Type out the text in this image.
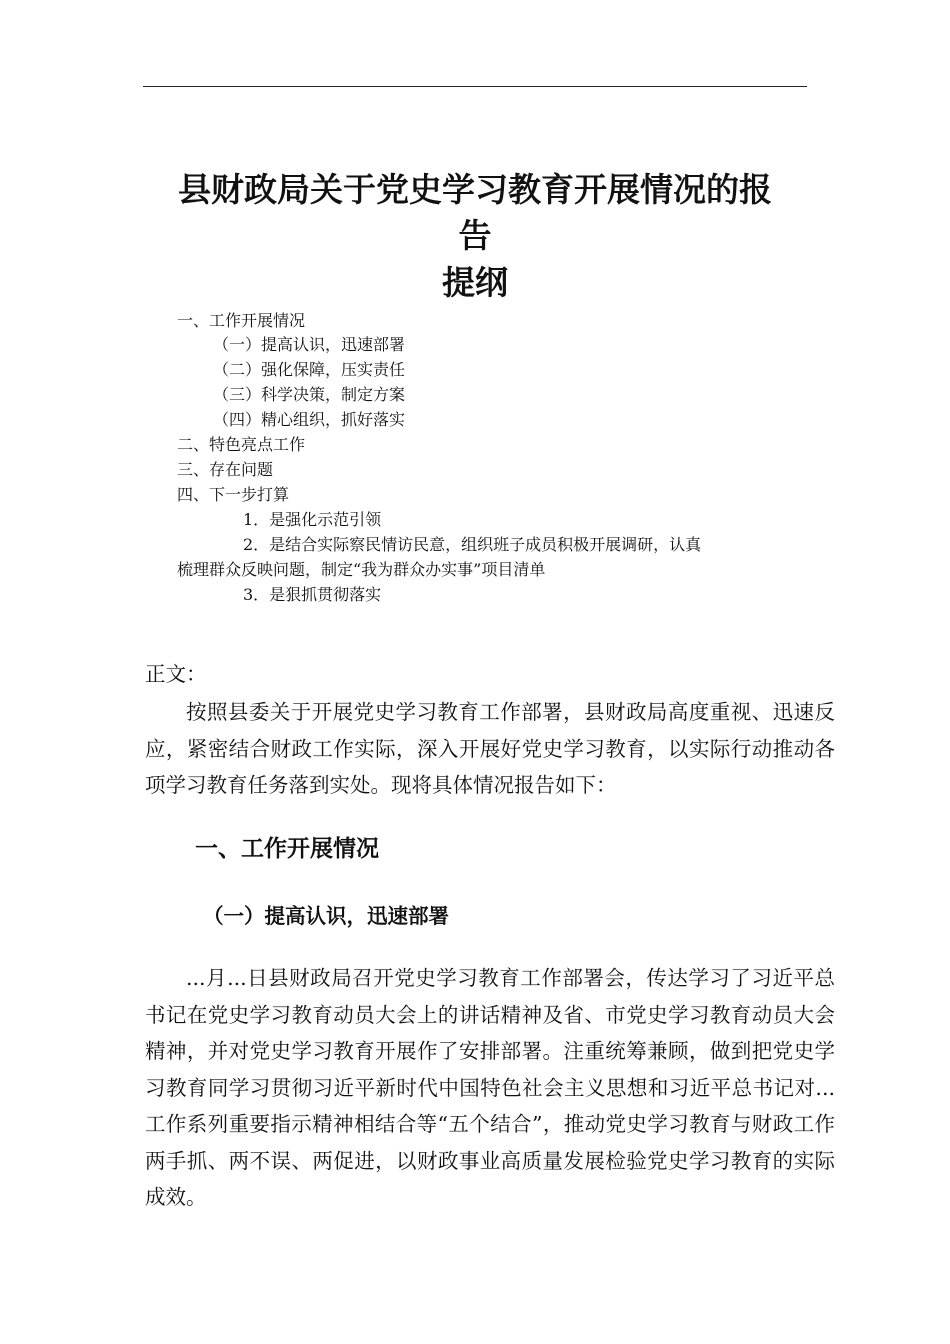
县财政局关于党史学习教育开展情况的报
告
提纲
一、工作开展情况
（一）提高认识，迅速部署
（二）强化保障，压实责任
（三）科学决策，制定方案
（四）精心组织，抓好落实
二、特色亮点工作
三、存在问题
四、下一步打算
1．是强化示范引领
2．是结合实际察民情访民意，组织班子成员积极开展调研，认真
梳理群众反映问题，制定“我为群众办实事”项目清单
3．是狠抓贯彻落实
正文：

按照县委关于开展党史学习教育工作部署，县财政局高度重视、迅速反应，紧密结合财政工作实际，深入开展好党史学习教育，以实际行动推动各项学习教育任务落到实处。现将具体情况报告如下：

一、工作开展情况
（一）提高认识，迅速部署

...月...日县财政局召开党史学习教育工作部署会，传达学习了习近平总书记在党史学习教育动员大会上的讲话精神及省、市党史学习教育动员大会精神，并对党史学习教育开展作了安排部署。注重统筹兼顾，做到把党史学习教育同学习贯彻习近平新时代中国特色社会主义思想和习近平总书记对...工作系列重要指示精神相结合等“五个结合”，推动党史学习教育与财政工作两手抓、两不误、两促进，以财政事业高质量发展检验党史学习教育的实际成效。
